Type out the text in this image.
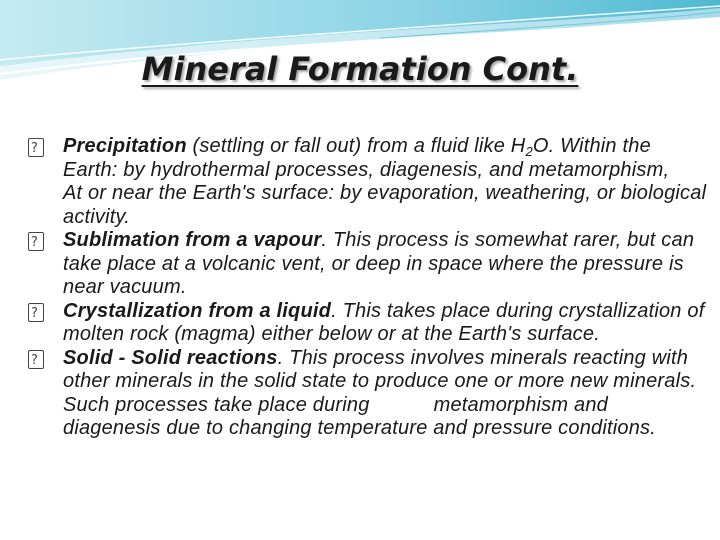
Mineral Formation Cont.

?
Precipitation (settling or fall out) from a fluid like $H_2O$. Within the Earth: by hydrothermal processes, diagenesis, and metamorphism,
At or near the Earth's surface: by evaporation, weathering, or biological activity.

?
Sublimation from a vapour. This process is somewhat rarer, but can take place at a volcanic vent, or deep in space where the pressure is near vacuum.

?
Crystallization from a liquid. This takes place during crystallization of molten rock (magma) either below or at the Earth's surface.

?
Solid - Solid reactions. This process involves minerals reacting with other minerals in the solid state to produce one or more new minerals. Such processes take place during	metamorphism and diagenesis due to changing temperature and pressure conditions.
